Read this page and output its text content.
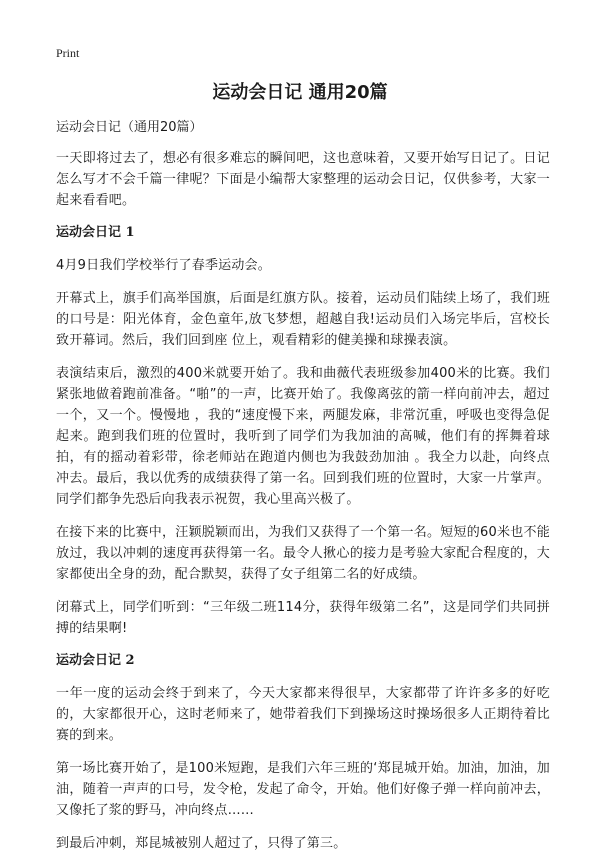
Print
运动会日记 通用20篇

运动会日记（通用20篇）

一天即将过去了，想必有很多难忘的瞬间吧，这也意味着，又要开始写日记了。日记怎么写才不会千篇一律呢？下面是小编帮大家整理的运动会日记，仅供参考，大家一起来看看吧。

运动会日记 1

4月9日我们学校举行了春季运动会。

开幕式上，旗手们高举国旗，后面是红旗方队。接着，运动员们陆续上场了，我们班的口号是：阳光体育，金色童年,放飞梦想，超越自我!运动员们入场完毕后，宫校长致开幕词。然后，我们回到座 位上，观看精彩的健美操和球操表演。

表演结束后，激烈的400米就要开始了。我和曲薇代表班级参加400米的比赛。我们紧张地做着跑前准备。“啪”的一声，比赛开始了。我像离弦的箭一样向前冲去，超过一个，又一个。慢慢地 ，我的“速度慢下来，两腿发麻，非常沉重，呼吸也变得急促起来。跑到我们班的位置时，我听到了同学们为我加油的高喊，他们有的挥舞着球拍，有的摇动着彩带，徐老师站在跑道内侧也为我鼓劲加油 。我全力以赴，向终点 冲去。最后，我以优秀的成绩获得了第一名。回到我们班的位置时，大家一片掌声。同学们都争先恐后向我表示祝贺，我心里高兴极了。

在接下来的比赛中，汪颖脱颖而出，为我们又获得了一个第一名。短短的60米也不能放过，我以冲刺的速度再获得第一名。最令人揪心的接力是考验大家配合程度的，大家都使出全身的劲，配合默契，获得了女子组第二名的好成绩。

闭幕式上，同学们听到：“三年级二班114分，获得年级第二名”，这是同学们共同拼搏的结果啊!

运动会日记 2

一年一度的运动会终于到来了，今天大家都来得很早，大家都带了许许多多的好吃的，大家都很开心，这时老师来了，她带着我们下到操场这时操场很多人正期待着比赛的到来。

第一场比赛开始了，是100米短跑，是我们六年三班的‘郑昆城开始。加油，加油，加油，随着一声声的口号，发令枪，发起了命令，开始。他们好像子弹一样向前冲去，又像托了浆的野马，冲向终点……

到最后冲刺，郑昆城被别人超过了，只得了第三。
